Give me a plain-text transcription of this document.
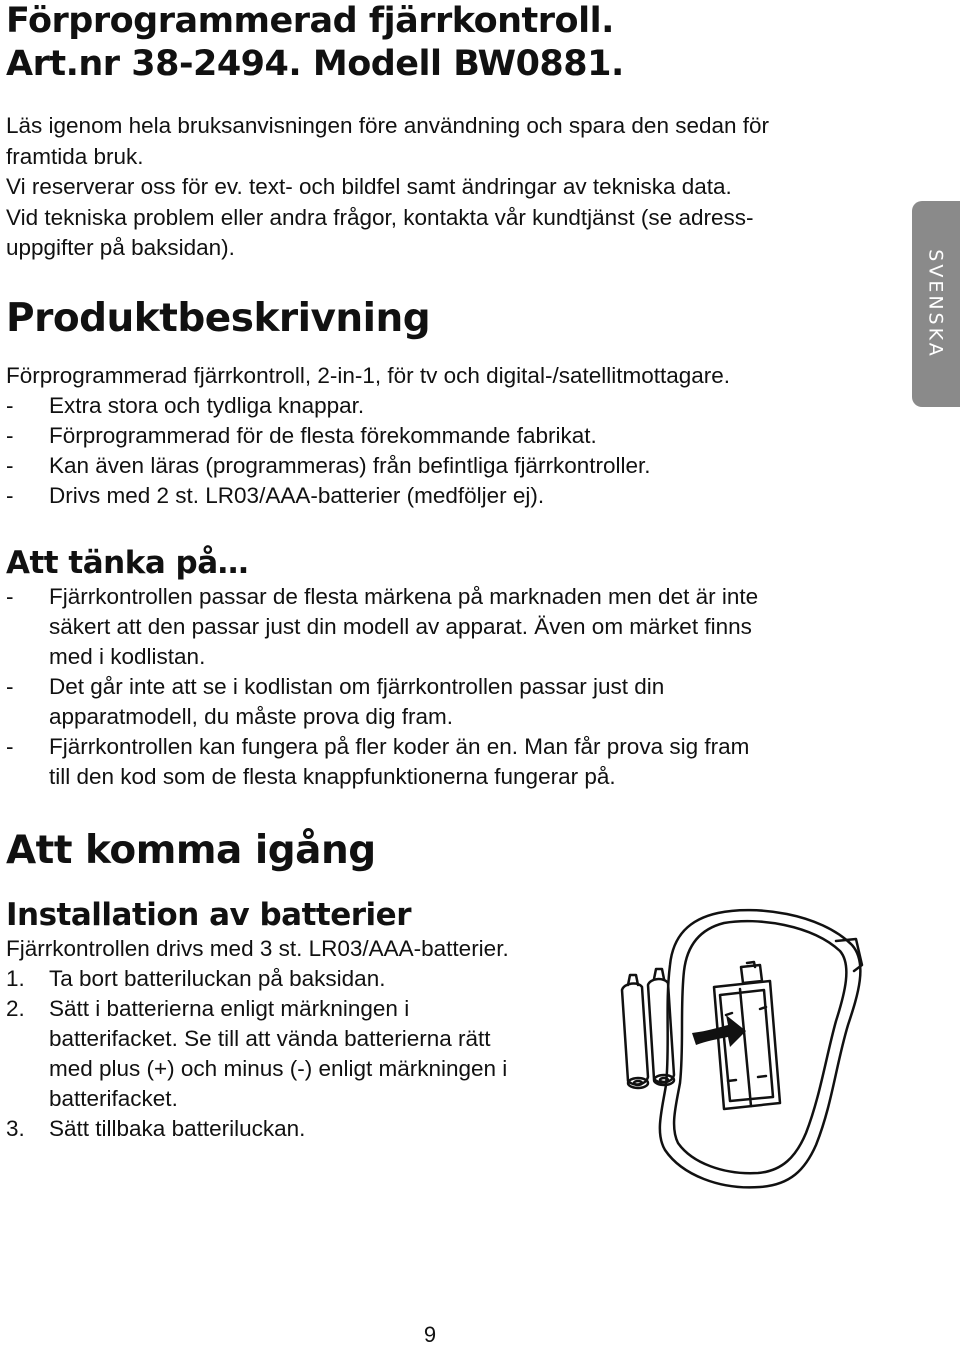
Förprogrammerad fjärrkontroll.
Art.nr 38-2494. Modell BW0881.
Läs igenom hela bruksanvisningen före användning och spara den sedan för
framtida bruk.
Vi reserverar oss för ev. text- och bildfel samt ändringar av tekniska data.
Vid tekniska problem eller andra frågor, kontakta vår kundtjänst (se adress-
uppgifter på baksidan).
SVENSKA
Produktbeskrivning
Förprogrammerad fjärrkontroll, 2-in-1, för tv och digital-/satellitmottagare.
-	Extra stora och tydliga knappar.
-	Förprogrammerad för de flesta förekommande fabrikat.
-	Kan även läras (programmeras) från befintliga fjärrkontroller.
-	Drivs med 2 st. LR03/AAA-batterier (medföljer ej).
Att tänka på…
-	Fjärrkontrollen passar de flesta märkena på marknaden men det är inte
säkert att den passar just din modell av apparat. Även om märket finns
med i kodlistan.
-	Det går inte att se i kodlistan om fjärrkontrollen passar just din
apparatmodell, du måste prova dig fram.
-	Fjärrkontrollen kan fungera på fler koder än en. Man får prova sig fram
till den kod som de flesta knappfunktionerna fungerar på.
Att komma igång
Installation av batterier
Fjärrkontrollen drivs med 3 st. LR03/AAA-batterier.
1.	Ta bort batteriluckan på baksidan.
2.	Sätt i batterierna enligt märkningen i
batterifacket. Se till att vända batterierna rätt
med plus (+) och minus (-) enligt märkningen i
batterifacket.
3.	Sätt tillbaka batteriluckan.
9
